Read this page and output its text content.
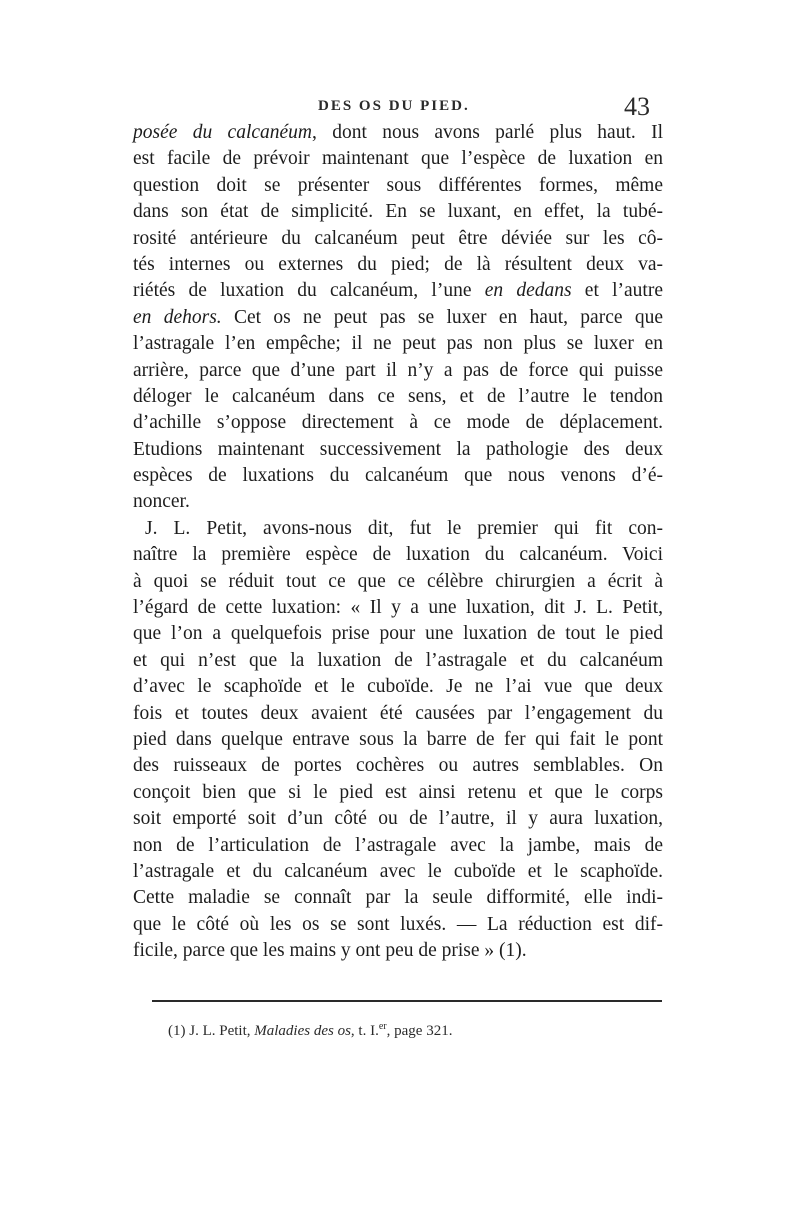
DES OS DU PIED.	43
posée du calcanéum, dont nous avons parlé plus haut. Il
est facile de prévoir maintenant que l’espèce de luxation en
question doit se présenter sous différentes formes, même
dans son état de simplicité. En se luxant, en effet, la tubé-
rosité antérieure du calcanéum peut être déviée sur les cô-
tés internes ou externes du pied; de là résultent deux va-
riétés de luxation du calcanéum, l’une en dedans et l’autre
en dehors. Cet os ne peut pas se luxer en haut, parce que
l’astragale l’en empêche; il ne peut pas non plus se luxer en
arrière, parce que d’une part il n’y a pas de force qui puisse
déloger le calcanéum dans ce sens, et de l’autre le tendon
d’achille s’oppose directement à ce mode de déplacement.
Etudions maintenant successivement la pathologie des deux
espèces de luxations du calcanéum que nous venons d’é-
noncer.
J. L. Petit, avons-nous dit, fut le premier qui fit con-
naître la première espèce de luxation du calcanéum. Voici
à quoi se réduit tout ce que ce célèbre chirurgien a écrit à
l’égard de cette luxation: « Il y a une luxation, dit J. L. Petit,
que l’on a quelquefois prise pour une luxation de tout le pied
et qui n’est que la luxation de l’astragale et du calcanéum
d’avec le scaphoïde et le cuboïde. Je ne l’ai vue que deux
fois et toutes deux avaient été causées par l’engagement du
pied dans quelque entrave sous la barre de fer qui fait le pont
des ruisseaux de portes cochères ou autres semblables. On
conçoit bien que si le pied est ainsi retenu et que le corps
soit emporté soit d’un côté ou de l’autre, il y aura luxation,
non de l’articulation de l’astragale avec la jambe, mais de
l’astragale et du calcanéum avec le cuboïde et le scaphoïde.
Cette maladie se connaît par la seule difformité, elle indi-
que le côté où les os se sont luxés. — La réduction est dif-
ficile, parce que les mains y ont peu de prise » (1).
(1) J. L. Petit, Maladies des os, t. I.$^{er}$, page 321.
